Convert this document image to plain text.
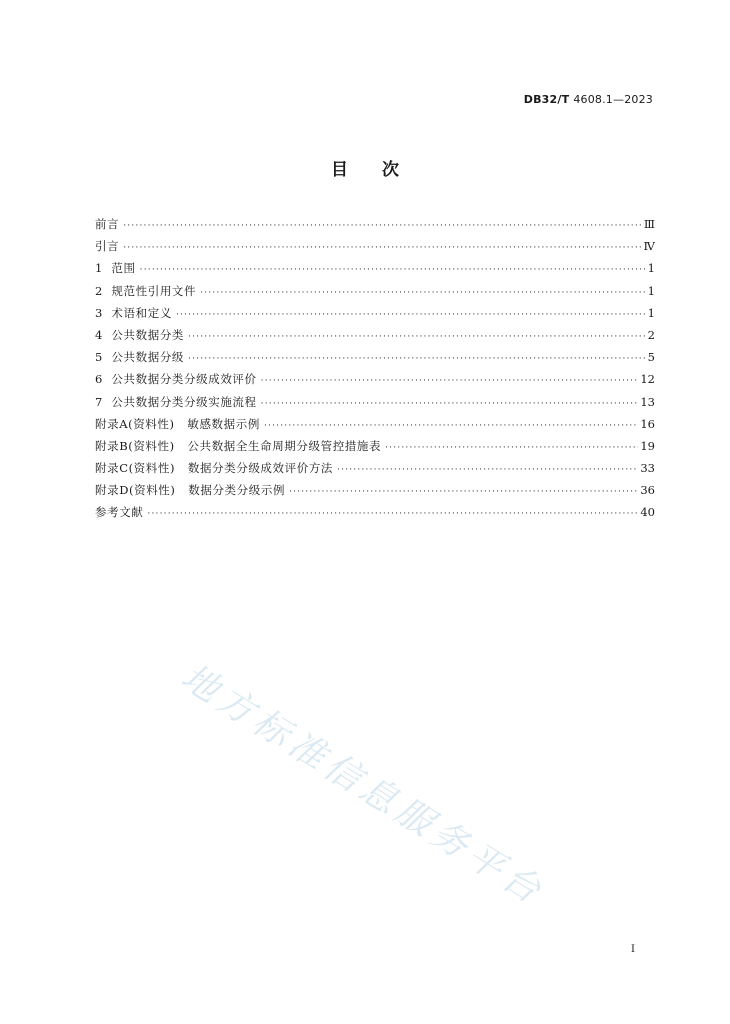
DB32/T 4608.1—2023
目次
前言 ·····	Ⅲ
引言 ·····	Ⅳ
1  范围 ·····	1
2  规范性引用文件 ·····	1
3  术语和定义 ·····	1
4  公共数据分类 ·····	2
5  公共数据分级 ·····	5
6  公共数据分类分级成效评价 ·····	12
7  公共数据分类分级实施流程 ·····	13
附录A(资料性)   敏感数据示例 ·····	16
附录B(资料性)   公共数据全生命周期分级管控措施表 ·····	19
附录C(资料性)   数据分类分级成效评价方法 ·····	33
附录D(资料性)   数据分类分级示例 ·····	36
参考文献 ·····	40
地方标准信息服务平台
I
